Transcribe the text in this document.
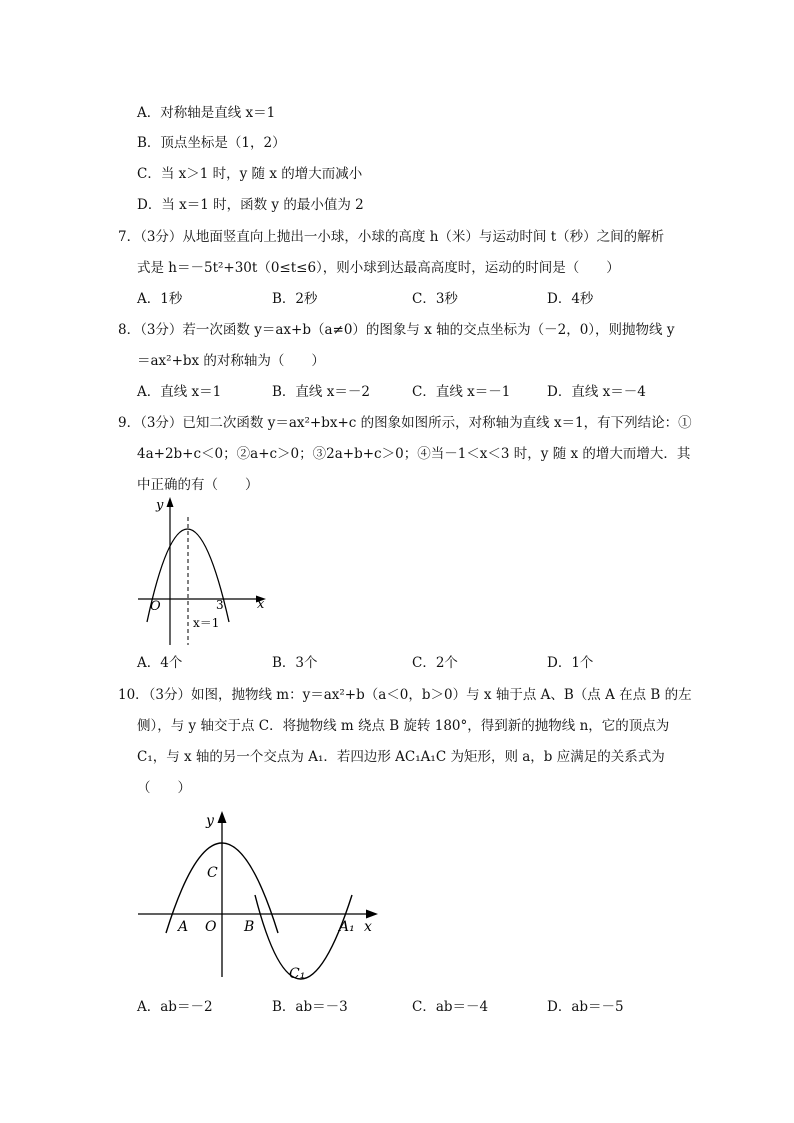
A．对称轴是直线 x＝1
B．顶点坐标是（1，2）
C．当 x＞1 时，y 随 x 的增大而减小
D．当 x＝1 时，函数 y 的最小值为 2
7．（3分）从地面竖直向上抛出一小球，小球的高度 h（米）与运动时间 t（秒）之间的解析
式是 h＝－5t²+30t（0≤t≤6），则小球到达最高高度时，运动的时间是（　　）
A．1秒	B．2秒	C．3秒	D．4秒
8．（3分）若一次函数 y＝ax+b（a≠0）的图象与 x 轴的交点坐标为（－2，0），则抛物线 y
＝ax²+bx 的对称轴为（　　）
A．直线 x＝1	B．直线 x＝－2	C．直线 x＝－1	D．直线 x＝－4
9．（3分）已知二次函数 y＝ax²+bx+c 的图象如图所示，对称轴为直线 x＝1，有下列结论：①
4a+2b+c＜0；②a+c＞0；③2a+b+c＞0；④当－1＜x＜3 时，y 随 x 的增大而增大．其
中正确的有（　　）
y
x
O	3
x＝1
A．4个	B．3个	C．2个	D．1个
10．（3分）如图，抛物线 m：y＝ax²+b（a＜0，b＞0）与 x 轴于点 A、B（点 A 在点 B 的左
侧），与 y 轴交于点 C．将抛物线 m 绕点 B 旋转 180°，得到新的抛物线 n，它的顶点为
C₁，与 x 轴的另一个交点为 A₁．若四边形 AC₁A₁C 为矩形，则 a，b 应满足的关系式为
（　　）
y
x
A O B
C
A₁
C₁
A．ab＝－2	B．ab＝－3	C．ab＝－4	D．ab＝－5
